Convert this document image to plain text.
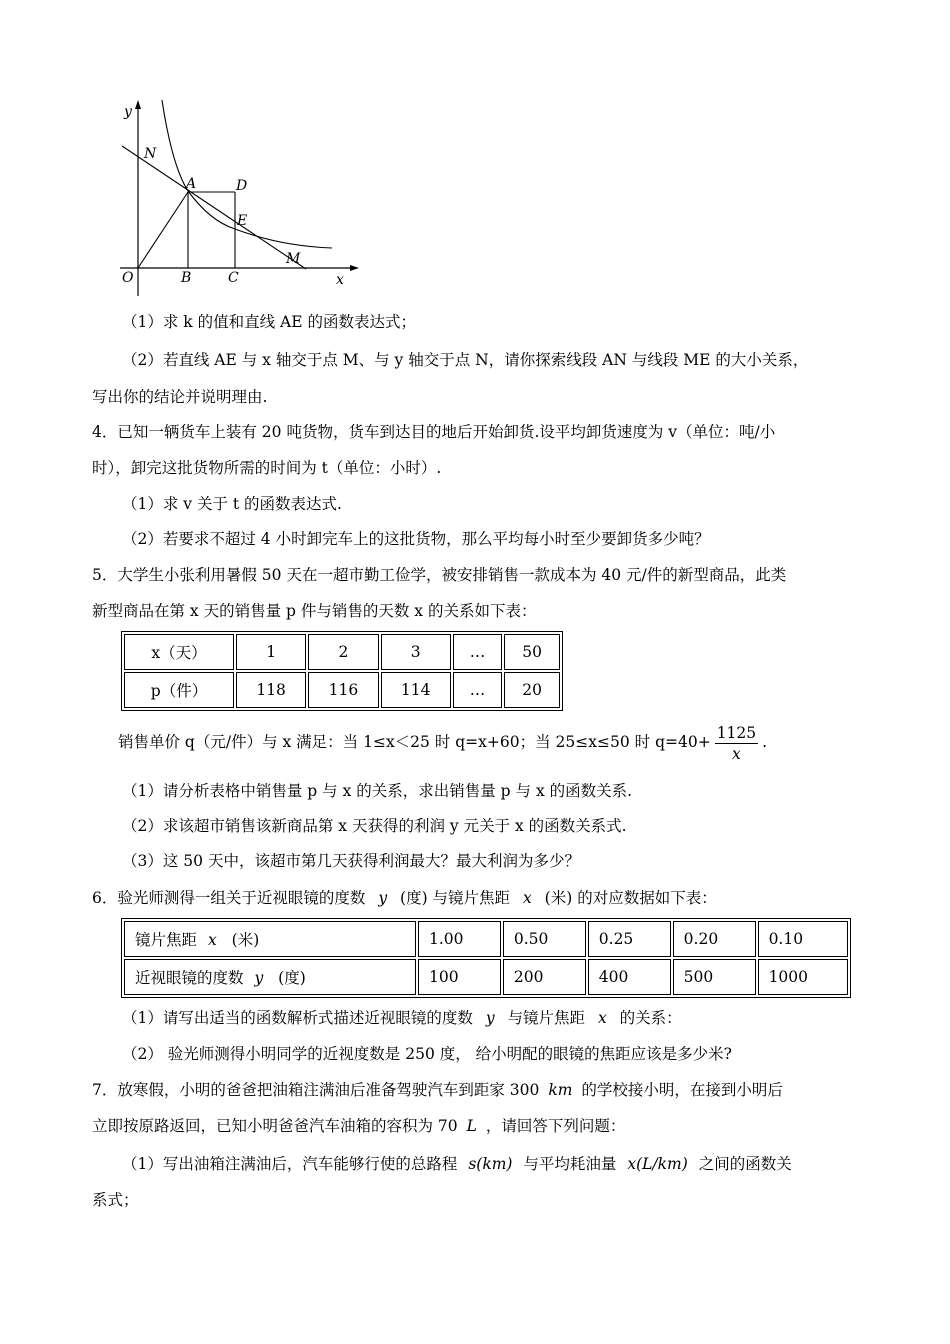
y
N
A	D
E
M
O	B	C	x
（1）求 k 的值和直线 AE 的函数表达式；
（2）若直线 AE 与 x 轴交于点 M、与 y 轴交于点 N，请你探索线段 AN 与线段 ME 的大小关系，
写出你的结论并说明理由.
4．已知一辆货车上装有 20 吨货物，货车到达目的地后开始卸货.设平均卸货速度为 v（单位：吨/小
时），卸完这批货物所需的时间为 t（单位：小时）.
（1）求 v 关于 t 的函数表达式.
（2）若要求不超过 4 小时卸完车上的这批货物，那么平均每小时至少要卸货多少吨？
5．大学生小张利用暑假 50 天在一超市勤工俭学，被安排销售一款成本为 40 元/件的新型商品，此类
新型商品在第 x 天的销售量 p 件与销售的天数 x 的关系如下表：
x（天）	1	2	3	…	50
p（件）	118	116	114	…	20
销售单价 q（元/件）与 x 满足：当 1≤x＜25 时 q=x+60；当 25≤x≤50 时 $q=40+ \frac{1125}{x}$ .
（1）请分析表格中销售量 p 与 x 的关系，求出销售量 p 与 x 的函数关系.
（2）求该超市销售该新商品第 x 天获得的利润 y 元关于 x 的函数关系式.
（3）这 50 天中，该超市第几天获得利润最大？最大利润为多少？
6．验光师测得一组关于近视眼镜的度数 y (度) 与镜片焦距 x (米) 的对应数据如下表：
镜片焦距 x (米)	1.00	0.50	0.25	0.20	0.10
近视眼镜的度数 y (度)	100	200	400	500	1000
（1）请写出适当的函数解析式描述近视眼镜的度数 y 与镜片焦距 x 的关系：
（2） 验光师测得小明同学的近视度数是 250 度， 给小明配的眼镜的焦距应该是多少米?
7．放寒假，小明的爸爸把油箱注满油后准备驾驶汽车到距家 300 km 的学校接小明，在接到小明后
立即按原路返回，已知小明爸爸汽车油箱的容积为 70 L ，请回答下列问题：
（1）写出油箱注满油后，汽车能够行使的总路程 s(km) 与平均耗油量 x(L/km) 之间的函数关
系式；
